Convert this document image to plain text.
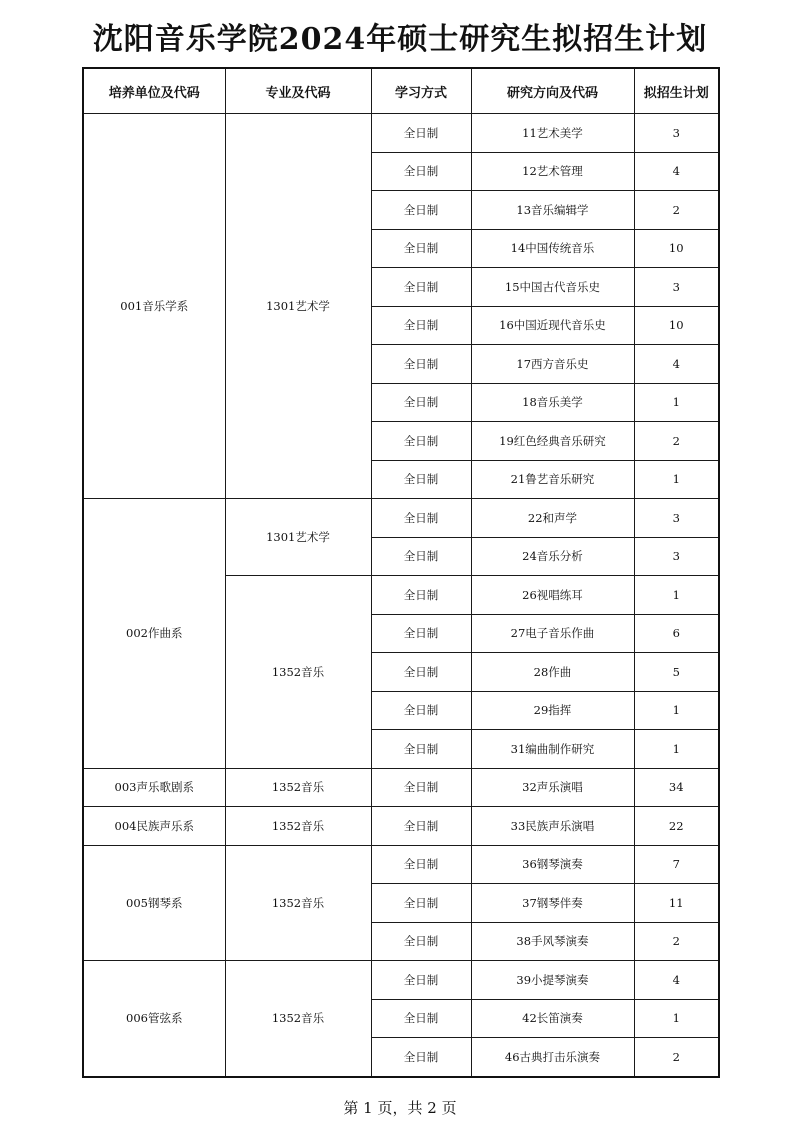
沈阳音乐学院2024年硕士研究生拟招生计划
培养单位及代码	专业及代码	学习方式	研究方向及代码	拟招生计划
001音乐学系	1301艺术学	全日制	11艺术美学	3
		全日制	12艺术管理	4
		全日制	13音乐编辑学	2
		全日制	14中国传统音乐	10
		全日制	15中国古代音乐史	3
		全日制	16中国近现代音乐史	10
		全日制	17西方音乐史	4
		全日制	18音乐美学	1
		全日制	19红色经典音乐研究	2
		全日制	21鲁艺音乐研究	1
002作曲系	1301艺术学	全日制	22和声学	3
		全日制	24音乐分析	3
	1352音乐	全日制	26视唱练耳	1
		全日制	27电子音乐作曲	6
		全日制	28作曲	5
		全日制	29指挥	1
		全日制	31编曲制作研究	1
003声乐歌剧系	1352音乐	全日制	32声乐演唱	34
004民族声乐系	1352音乐	全日制	33民族声乐演唱	22
005钢琴系	1352音乐	全日制	36钢琴演奏	7
		全日制	37钢琴伴奏	11
		全日制	38手风琴演奏	2
006管弦系	1352音乐	全日制	39小提琴演奏	4
		全日制	42长笛演奏	1
		全日制	46古典打击乐演奏	2
第 1 页，共 2 页
